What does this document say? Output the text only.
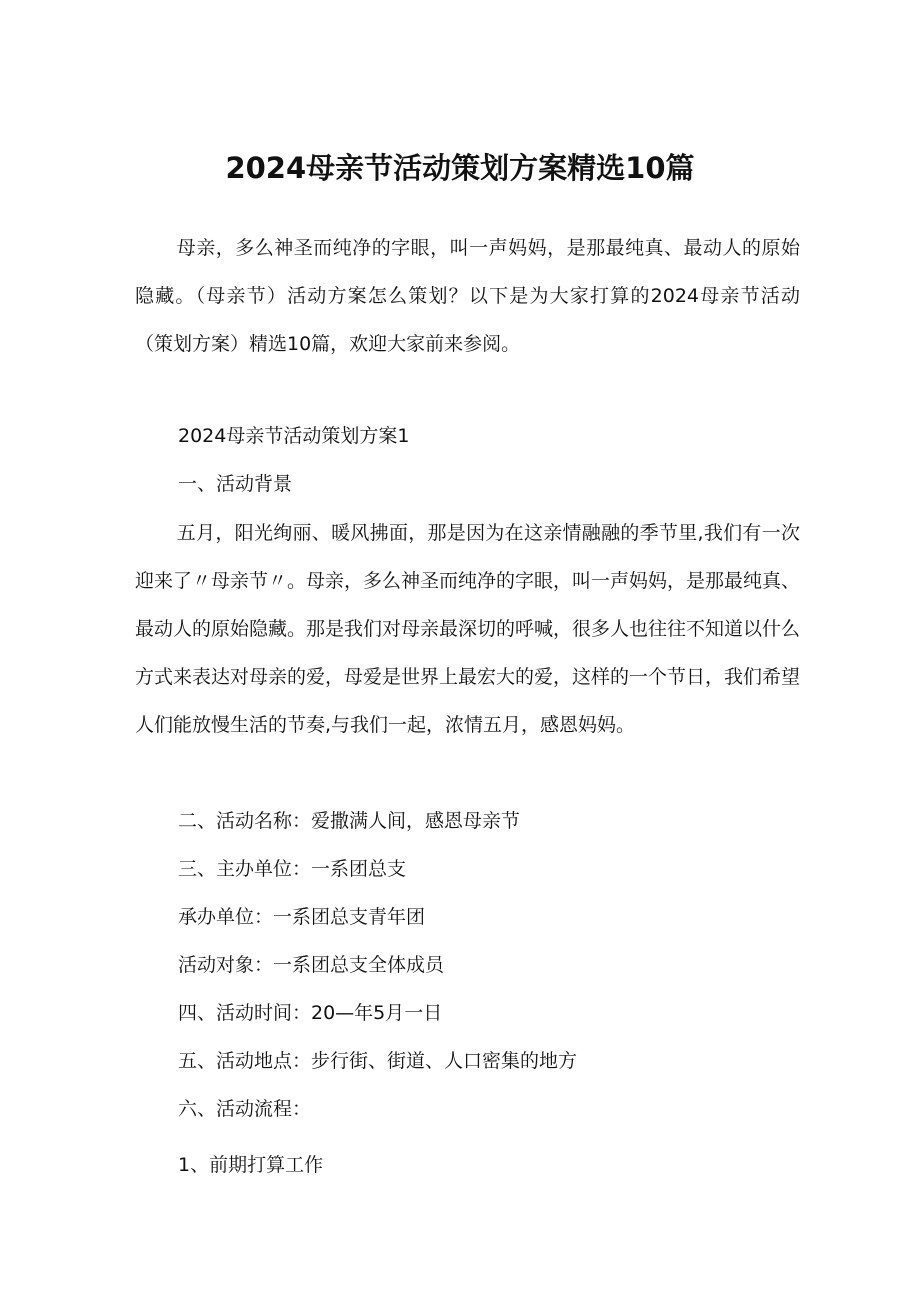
2024母亲节活动策划方案精选10篇

母亲，多么神圣而纯净的字眼，叫一声妈妈，是那最纯真、最动人的原始隐藏。（母亲节）活动方案怎么策划？以下是为大家打算的2024母亲节活动（策划方案）精选10篇，欢迎大家前来参阅。

2024母亲节活动策划方案1

一、活动背景

五月，阳光绚丽、暖风拂面，那是因为在这亲情融融的季节里,我们有一次迎来了〃母亲节〃。母亲，多么神圣而纯净的字眼，叫一声妈妈，是那最纯真、最动人的原始隐藏。那是我们对母亲最深切的呼喊，很多人也往往不知道以什么方式来表达对母亲的爱，母爱是世界上最宏大的爱，这样的一个节日，我们希望人们能放慢生活的节奏,与我们一起，浓情五月，感恩妈妈。

二、活动名称：爱撒满人间，感恩母亲节

三、主办单位：一系团总支

承办单位：一系团总支青年团

活动对象：一系团总支全体成员

四、活动时间：20—年5月一日

五、活动地点：步行街、街道、人口密集的地方

六、活动流程：

1、前期打算工作
